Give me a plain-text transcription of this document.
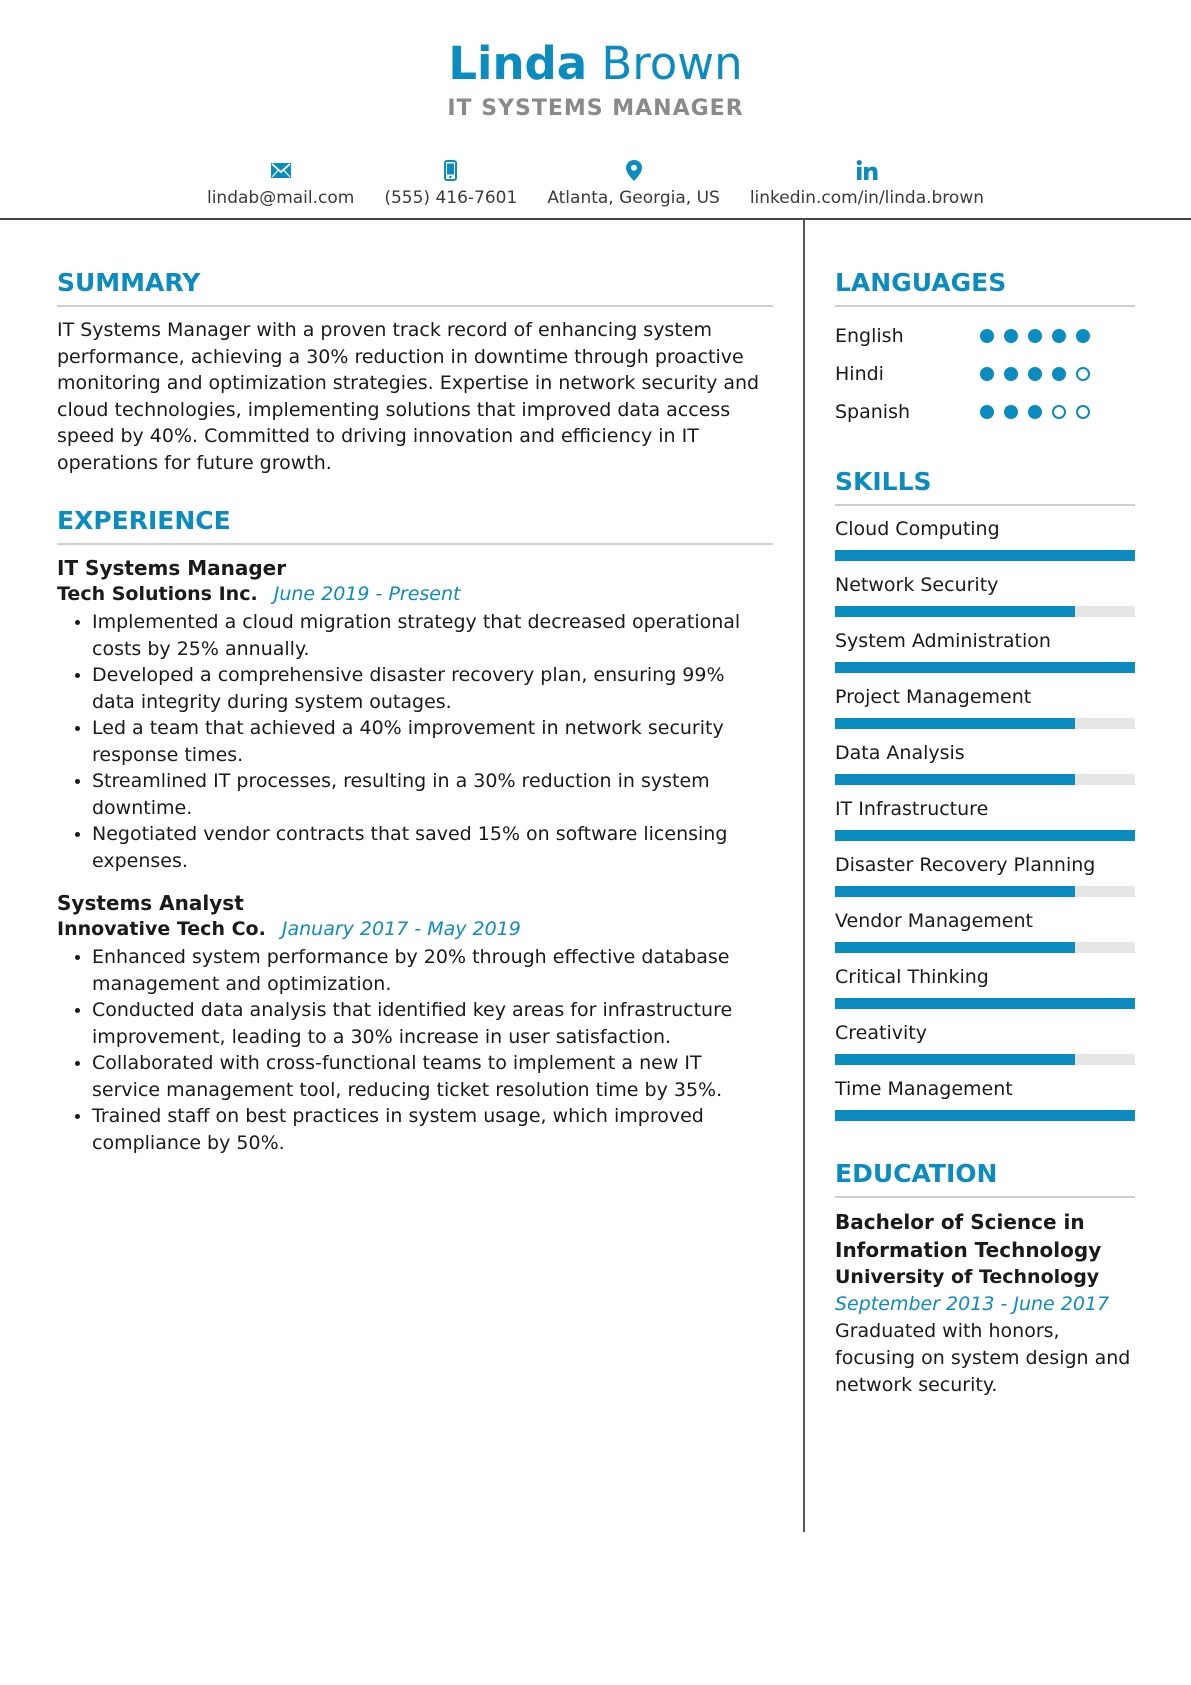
Linda Brown
IT SYSTEMS MANAGER
lindab@mail.com (555) 416-7601 Atlanta, Georgia, US linkedin.com/in/linda.brown
SUMMARY

IT Systems Manager with a proven track record of enhancing system performance, achieving a 30% reduction in downtime through proactive monitoring and optimization strategies. Expertise in network security and cloud technologies, implementing solutions that improved data access speed by 40%. Committed to driving innovation and efficiency in IT operations for future growth.

EXPERIENCE
IT Systems Manager
Tech Solutions Inc. June 2019 - Present
• Implemented a cloud migration strategy that decreased operational costs by 25% annually.
• Developed a comprehensive disaster recovery plan, ensuring 99% data integrity during system outages.
• Led a team that achieved a 40% improvement in network security response times.
• Streamlined IT processes, resulting in a 30% reduction in system downtime.
• Negotiated vendor contracts that saved 15% on software licensing expenses.
Systems Analyst
Innovative Tech Co. January 2017 - May 2019
• Enhanced system performance by 20% through effective database management and optimization.
• Conducted data analysis that identified key areas for infrastructure improvement, leading to a 30% increase in user satisfaction.
• Collaborated with cross-functional teams to implement a new IT service management tool, reducing ticket resolution time by 35%.
• Trained staff on best practices in system usage, which improved compliance by 50%.
LANGUAGES
English
Hindi
Spanish
SKILLS
Cloud Computing
Network Security
System Administration
Project Management
Data Analysis
IT Infrastructure
Disaster Recovery Planning
Vendor Management
Critical Thinking
Creativity
Time Management
EDUCATION
Bachelor of Science in Information Technology
University of Technology
September 2013 - June 2017
Graduated with honors, focusing on system design and network security.
